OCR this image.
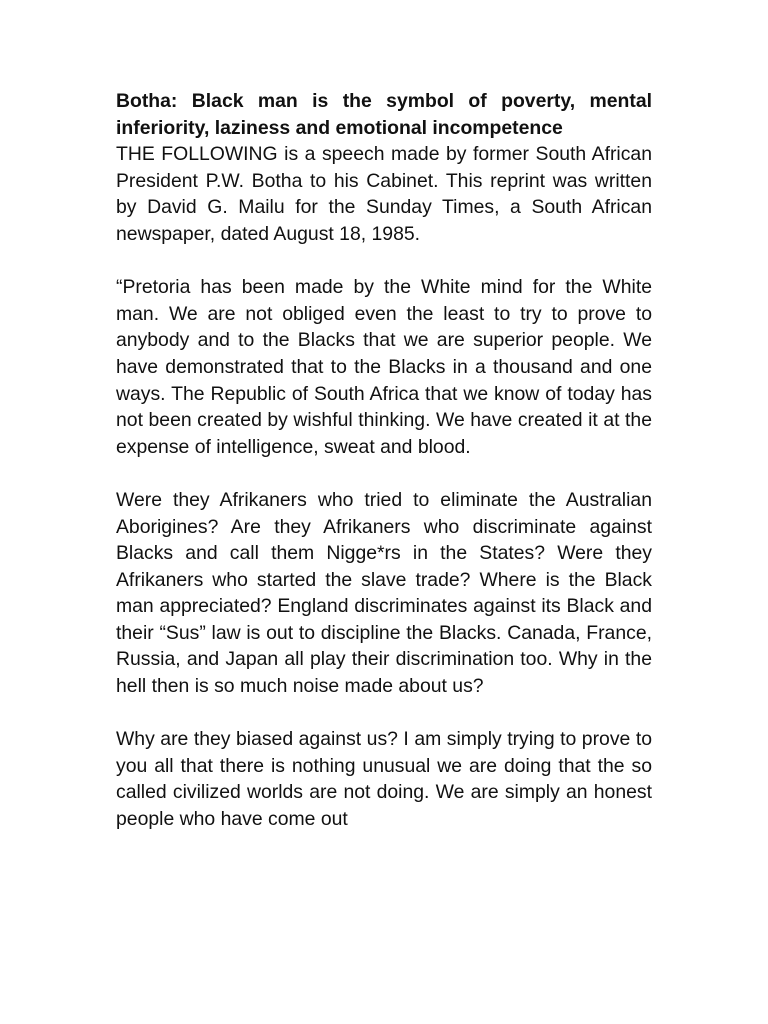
Botha: Black man is the symbol of poverty, mental inferiority, laziness and emotional incompetence

THE FOLLOWING is a speech made by former South African President P.W. Botha to his Cabinet. This reprint was written by David G. Mailu for the Sunday Times, a South African newspaper, dated August 18, 1985.

“Pretoria has been made by the White mind for the White man. We are not obliged even the least to try to prove to anybody and to the Blacks that we are superior people. We have demonstrated that to the Blacks in a thousand and one ways. The Republic of South Africa that we know of today has not been created by wishful thinking. We have created it at the expense of intelligence, sweat and blood.

Were they Afrikaners who tried to eliminate the Australian Aborigines? Are they Afrikaners who discriminate against Blacks and call them Nigge*rs in the States? Were they Afrikaners who started the slave trade? Where is the Black man appreciated? England discriminates against its Black and their “Sus” law is out to discipline the Blacks. Canada, France, Russia, and Japan all play their discrimination too. Why in the hell then is so much noise made about us?

Why are they biased against us? I am simply trying to prove to you all that there is nothing unusual we are doing that the so called civilized worlds are not doing. We are simply an honest people who have come out
